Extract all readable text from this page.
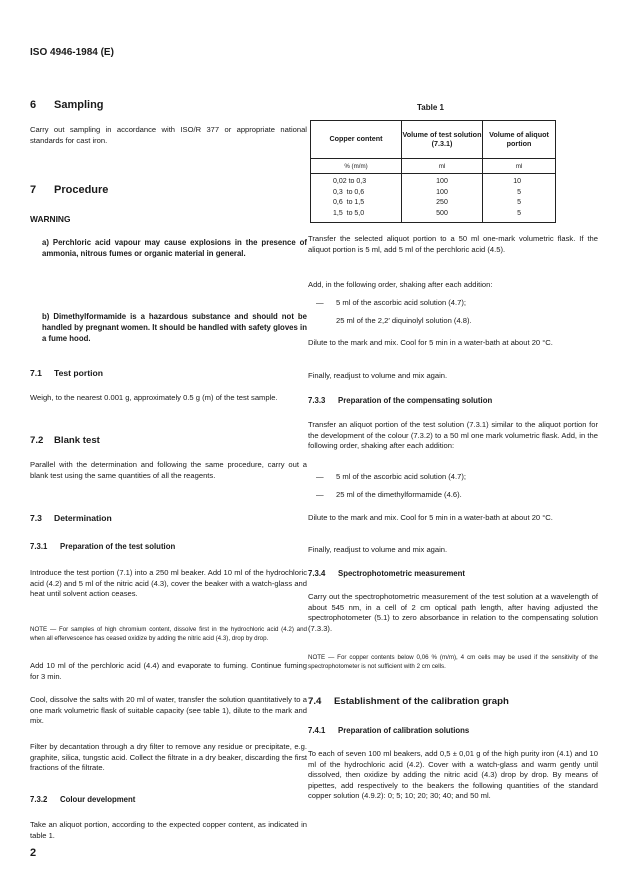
ISO 4946-1984 (E)
6 Sampling
Carry out sampling in accordance with ISO/R 377 or appropriate national standards for cast iron.
7 Procedure
WARNING
a) Perchloric acid vapour may cause explosions in the presence of ammonia, nitrous fumes or organic material in general.
b) Dimethylformamide is a hazardous substance and should not be handled by pregnant women. It should be handled with safety gloves in a fume hood.
7.1 Test portion
Weigh, to the nearest 0.001 g, approximately 0.5 g (m) of the test sample.
7.2 Blank test
Parallel with the determination and following the same procedure, carry out a blank test using the same quantities of all the reagents.
7.3 Determination
7.3.1 Preparation of the test solution
Introduce the test portion (7.1) into a 250 ml beaker. Add 10 ml of the hydrochloric acid (4.2) and 5 ml of the nitric acid (4.3), cover the beaker with a watch-glass and heat until solvent action ceases.
NOTE — For samples of high chromium content, dissolve first in the hydrochloric acid (4.2) and when all effervescence has ceased oxidize by adding the nitric acid (4.3), drop by drop.
Add 10 ml of the perchloric acid (4.4) and evaporate to fuming. Continue fuming for 3 min.
Cool, dissolve the salts with 20 ml of water, transfer the solution quantitatively to a one mark volumetric flask of suitable capacity (see table 1), dilute to the mark and mix.
Filter by decantation through a dry filter to remove any residue or precipitate, e.g. graphite, silica, tungstic acid. Collect the filtrate in a dry beaker, discarding the first fractions of the filtrate.
7.3.2 Colour development
Take an aliquot portion, according to the expected copper content, as indicated in table 1.
2
Table 1
Copper content	Volume of test solution (7.3.1)	Volume of aliquot portion
% (m/m)	ml	ml
0,02 to 0,3	100	10
0,3  to 0,6	100	5
0,6  to 1,5	250	5
1,5  to 5,0	500	5
Transfer the selected aliquot portion to a 50 ml one-mark volumetric flask. If the aliquot portion is 5 ml, add 5 ml of the perchloric acid (4.5).
Add, in the following order, shaking after each addition:
— 5 ml of the ascorbic acid solution (4.7);
25 ml of the 2,2′ diquinolyl solution (4.8).
Dilute to the mark and mix. Cool for 5 min in a water-bath at about 20 °C.
Finally, readjust to volume and mix again.
7.3.3 Preparation of the compensating solution
Transfer an aliquot portion of the test solution (7.3.1) similar to the aliquot portion for the development of the colour (7.3.2) to a 50 ml one mark volumetric flask. Add, in the following order, shaking after each addition:
— 5 ml of the ascorbic acid solution (4.7);
— 25 ml of the dimethylformamide (4.6).
Dilute to the mark and mix. Cool for 5 min in a water-bath at about 20 °C.
Finally, readjust to volume and mix again.
7.3.4 Spectrophotometric measurement
Carry out the spectrophotometric measurement of the test solution at a wavelength of about 545 nm, in a cell of 2 cm optical path length, after having adjusted the spectrophotometer (5.1) to zero absorbance in relation to the compensating solution (7.3.3).
NOTE — For copper contents below 0,06 % (m/m), 4 cm cells may be used if the sensitivity of the spectrophotometer is not sufficient with 2 cm cells.
7.4 Establishment of the calibration graph
7.4.1 Preparation of calibration solutions
To each of seven 100 ml beakers, add 0,5 ± 0,01 g of the high purity iron (4.1) and 10 ml of the hydrochloric acid (4.2). Cover with a watch-glass and warm gently until dissolved, then oxidize by adding the nitric acid (4.3) drop by drop. By means of pipettes, add respectively to the beakers the following quantities of the standard copper solution (4.9.2): 0; 5; 10; 20; 30; 40; and 50 ml.
